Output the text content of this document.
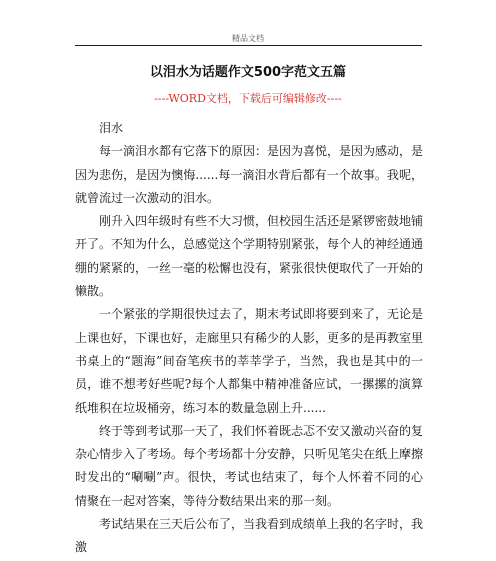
精品文档
以泪水为话题作文500字范文五篇
----WORD文档，下载后可编辑修改----

泪水

每一滴泪水都有它落下的原因：是因为喜悦，是因为感动，是因为悲伤，是因为懊悔......每一滴泪水背后都有一个故事。我呢，就曾流过一次激动的泪水。

刚升入四年级时有些不大习惯，但校园生活还是紧锣密鼓地铺开了。不知为什么，总感觉这个学期特别紧张，每个人的神经通通绷的紧紧的，一丝一毫的松懈也没有，紧张很快便取代了一开始的懒散。

一个紧张的学期很快过去了，期末考试即将要到来了，无论是上课也好，下课也好，走廊里只有稀少的人影，更多的是再教室里书桌上的“题海”间奋笔疾书的莘莘学子，当然，我也是其中的一员，谁不想考好些呢?每个人都集中精神准备应试，一摞摞的演算纸堆积在垃圾桶旁，练习本的数量急剧上升......

终于等到考试那一天了，我们怀着既忐忑不安又激动兴奋的复杂心情步入了考场。每个考场都十分安静，只听见笔尖在纸上摩擦时发出的“唰唰”声。很快，考试也结束了，每个人怀着不同的心情聚在一起对答案，等待分数结果出来的那一刻。

考试结果在三天后公布了，当我看到成绩单上我的名字时，我激
